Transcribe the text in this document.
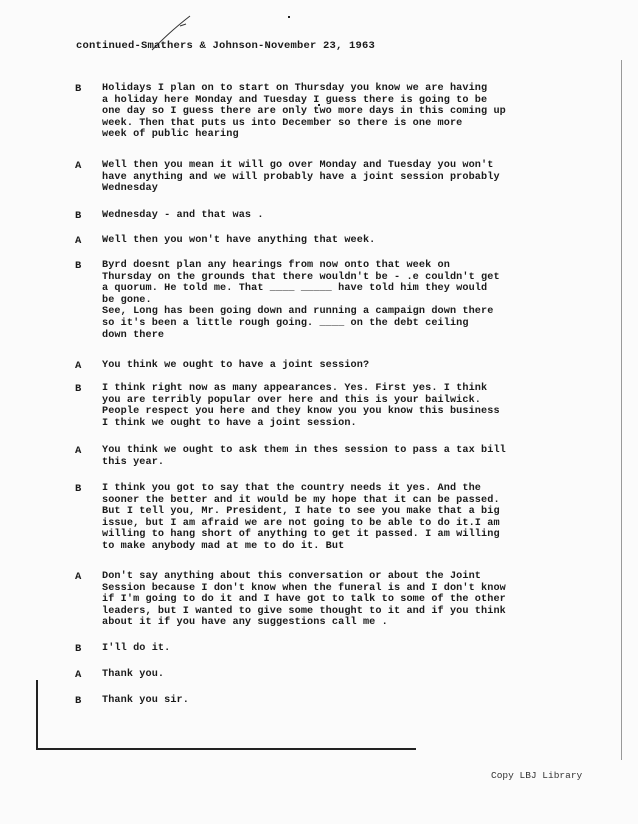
continued-Smathers & Johnson-November 23, 1963
B Holidays I plan on to start on Thursday you know we are having
a holiday here Monday and Tuesday I guess there is going to be
one day so I guess there are only two more days in this coming up
week. Then that puts us into December so there is one more
week of public hearing
A Well then you mean it will go over Monday and Tuesday you won't
have anything and we will probably have a joint session probably
Wednesday
B Wednesday - and that was .
A Well then you won't have anything that week.
B Byrd doesnt plan any hearings from now onto that week on
Thursday on the grounds that there wouldn't be - .e couldn't get
a quorum. He told me. That ____ _____ have told him they would
be gone.
See, Long has been going down and running a campaign down there
so it's been a little rough going. ____ on the debt ceiling
down there
A You think we ought to have a joint session?
B I think right now as many appearances. Yes. First yes. I think
you are terribly popular over here and this is your bailwick.
People respect you here and they know you you know this business
I think we ought to have a joint session.
A You think we ought to ask them in thes session to pass a tax bill
this year.
B I think you got to say that the country needs it yes. And the
sooner the better and it would be my hope that it can be passed.
But I tell you, Mr. President, I hate to see you make that a big
issue, but I am afraid we are not going to be able to do it.I am
willing to hang short of anything to get it passed. I am willing
to make anybody mad at me to do it. But
A Don't say anything about this conversation or about the Joint
Session because I don't know when the funeral is and I don't know
if I'm going to do it and I have got to talk to some of the other
leaders, but I wanted to give some thought to it and if you think
about it if you have any suggestions call me .
B I'll do it.
A Thank you.
B Thank you sir.
Copy LBJ Library
